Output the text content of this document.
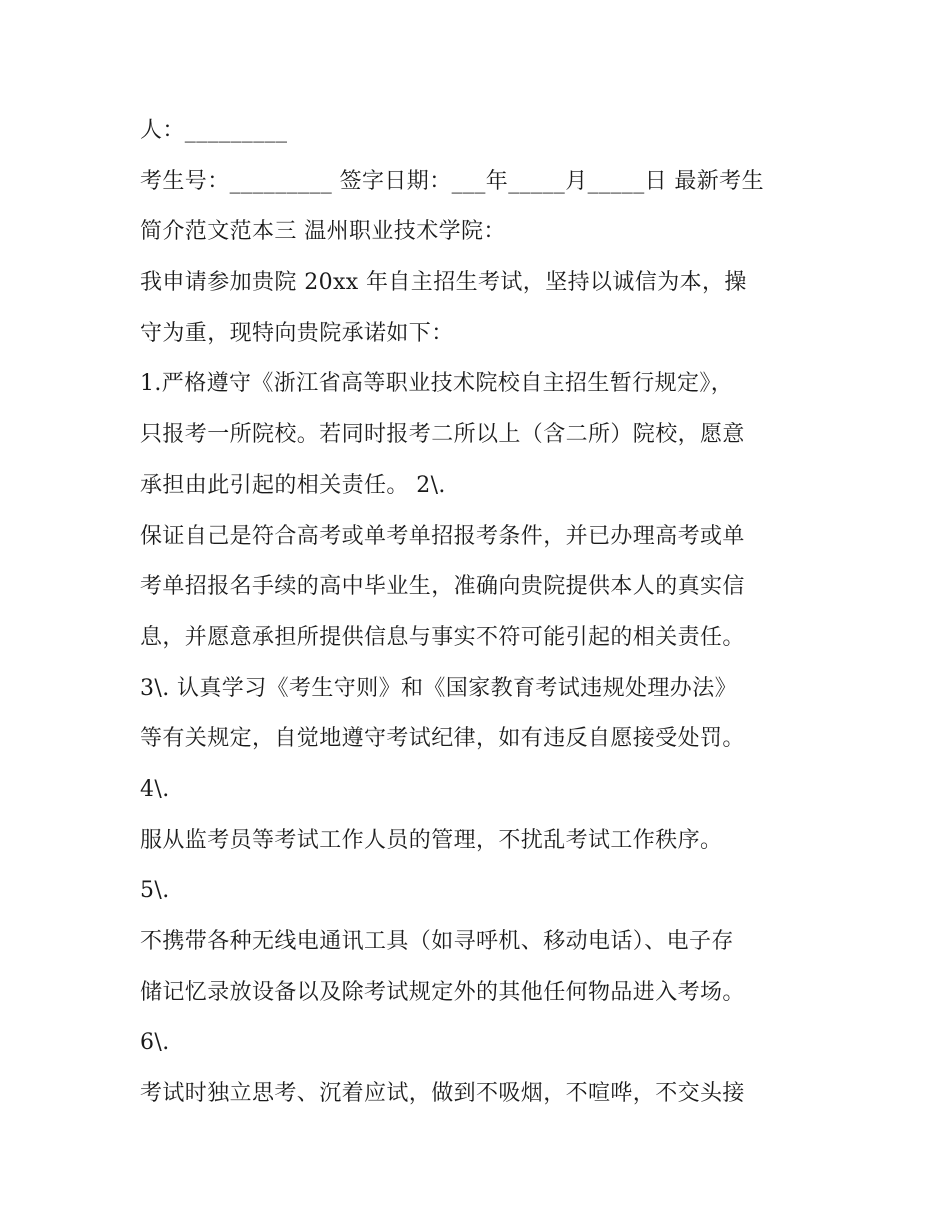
人：_________
考生号：_________ 签字日期：___年_____月_____日 最新考生
简介范文范本三 温州职业技术学院：
我申请参加贵院 20xx 年自主招生考试，坚持以诚信为本，操
守为重，现特向贵院承诺如下：
1.严格遵守《浙江省高等职业技术院校自主招生暂行规定》，
只报考一所院校。若同时报考二所以上（含二所）院校，愿意
承担由此引起的相关责任。 2\.
保证自己是符合高考或单考单招报考条件，并已办理高考或单
考单招报名手续的高中毕业生，准确向贵院提供本人的真实信
息，并愿意承担所提供信息与事实不符可能引起的相关责任。
3\. 认真学习《考生守则》和《国家教育考试违规处理办法》
等有关规定，自觉地遵守考试纪律，如有违反自愿接受处罚。
4\.
服从监考员等考试工作人员的管理，不扰乱考试工作秩序。
5\.
不携带各种无线电通讯工具（如寻呼机、移动电话）、电子存
储记忆录放设备以及除考试规定外的其他任何物品进入考场。
6\.
考试时独立思考、沉着应试，做到不吸烟，不喧哗，不交头接
